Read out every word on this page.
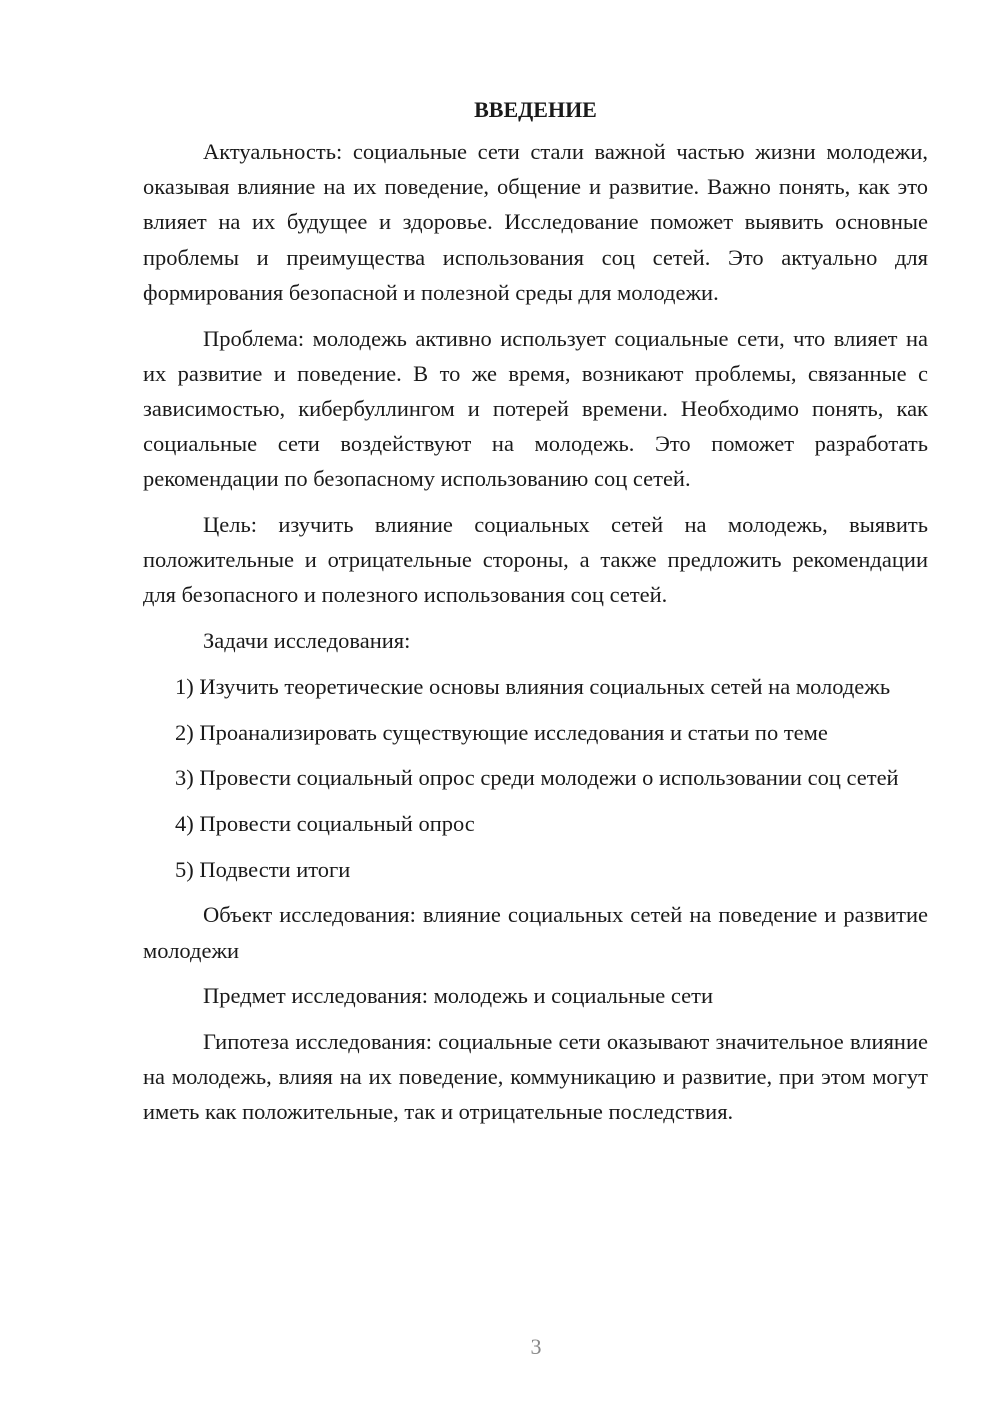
ВВЕДЕНИЕ

Актуальность: социальные сети стали важной частью жизни молодежи, оказывая влияние на их поведение, общение и развитие. Важно понять, как это влияет на их будущее и здоровье. Исследование поможет выявить основные проблемы и преимущества использования соц сетей. Это актуально для формирования безопасной и полезной среды для молодежи.

Проблема: молодежь активно использует социальные сети, что влияет на их развитие и поведение. В то же время, возникают проблемы, связанные с зависимостью, кибербуллингом и потерей времени. Необходимо понять, как социальные сети воздействуют на молодежь. Это поможет разработать рекомендации по безопасному использованию соц сетей.

Цель: изучить влияние социальных сетей на молодежь, выявить положительные и отрицательные стороны, а также предложить рекомендации для безопасного и полезного использования соц сетей.

Задачи исследования:

1) Изучить теоретические основы влияния социальных сетей на молодежь

2) Проанализировать существующие исследования и статьи по теме

3) Провести социальный опрос среди молодежи о использовании соц сетей

4) Провести социальный опрос

5) Подвести итоги

Объект исследования: влияние социальных сетей на поведение и развитие молодежи

Предмет исследования: молодежь и социальные сети

Гипотеза исследования: социальные сети оказывают значительное влияние на молодежь, влияя на их поведение, коммуникацию и развитие, при этом могут иметь как положительные, так и отрицательные последствия.

3
